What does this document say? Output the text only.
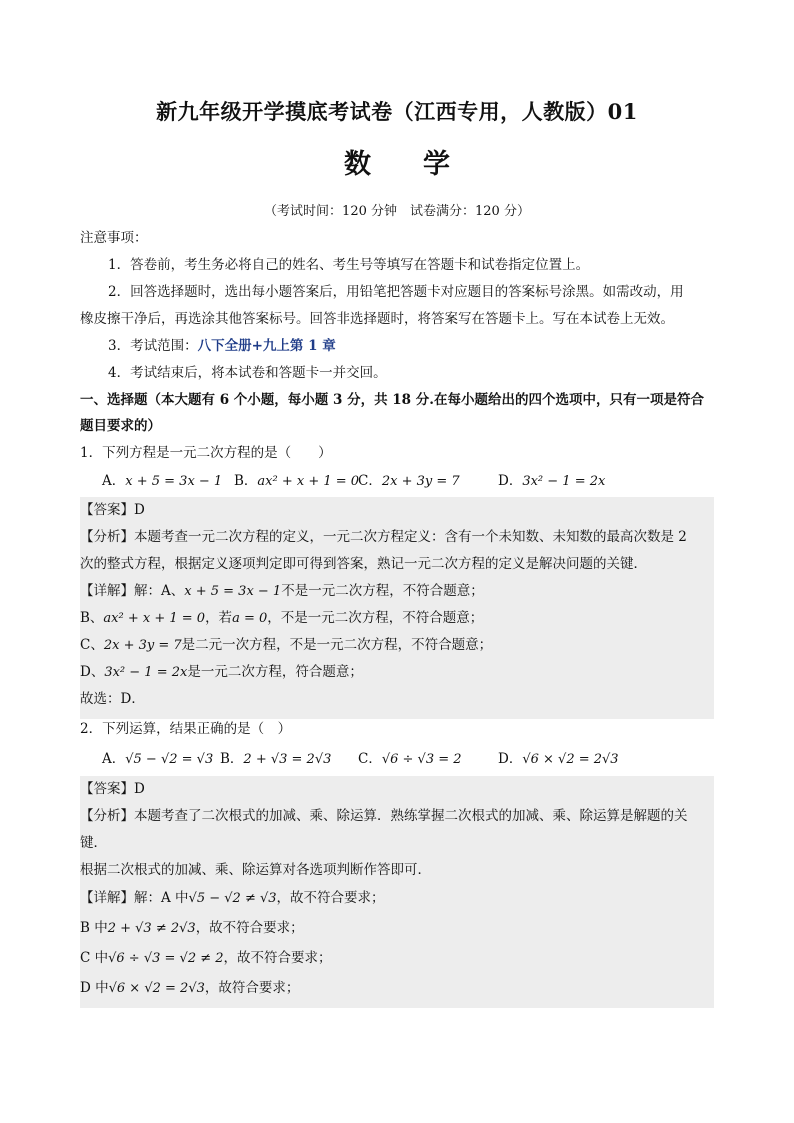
新九年级开学摸底考试卷（江西专用，人教版）01
数学
（考试时间：120 分钟　试卷满分：120 分）
注意事项：
1．答卷前，考生务必将自己的姓名、考生号等填写在答题卡和试卷指定位置上。
2．回答选择题时，选出每小题答案后，用铅笔把答题卡对应题目的答案标号涂黑。如需改动，用
橡皮擦干净后，再选涂其他答案标号。回答非选择题时，将答案写在答题卡上。写在本试卷上无效。
3．考试范围：八下全册+九上第 1 章
4．考试结束后，将本试卷和答题卡一并交回。
一、选择题（本大题有 6 个小题，每小题 3 分，共 18 分.在每小题给出的四个选项中，只有一项是符合
题目要求的）
1．下列方程是一元二次方程的是（　　）
A．x + 5 = 3x − 1 B．ax² + x + 1 = 0
C．2x + 3y = 7	D．3x² − 1 = 2x
【答案】D
【分析】本题考查一元二次方程的定义，一元二次方程定义：含有一个未知数、未知数的最高次数是 2
次的整式方程，根据定义逐项判定即可得到答案，熟记一元二次方程的定义是解决问题的关键．
【详解】解：A、x + 5 = 3x − 1不是一元二次方程，不符合题意；
B、ax² + x + 1 = 0，若a = 0，不是一元二次方程，不符合题意；
C、2x + 3y = 7是二元一次方程，不是一元二次方程，不符合题意；
D、3x² − 1 = 2x是一元二次方程，符合题意；
故选：D．
2．下列运算，结果正确的是（　）
A．√5 − √2 = √3 B．2 + √3 = 2√3 C．√6 ÷ √3 = 2	D．√6 × √2 = 2√3
【答案】D
【分析】本题考查了二次根式的加减、乘、除运算．熟练掌握二次根式的加减、乘、除运算是解题的关
键．
根据二次根式的加减、乘、除运算对各选项判断作答即可．
【详解】解：A 中√5 − √2 ≠ √3，故不符合要求；
B 中2 + √3 ≠ 2√3，故不符合要求；
C 中√6 ÷ √3 = √2 ≠ 2，故不符合要求；
D 中√6 × √2 = 2√3，故符合要求；
